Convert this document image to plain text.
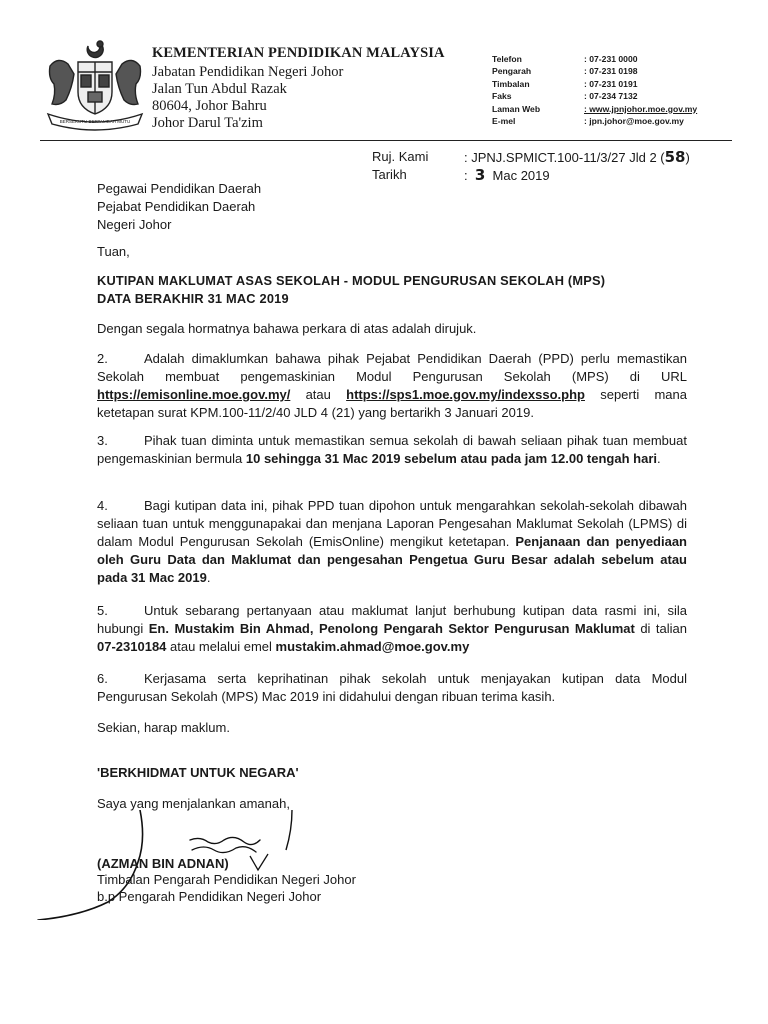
BERSEKUTU BERTAMBAH MUTU
KEMENTERIAN PENDIDIKAN MALAYSIA
Jabatan Pendidikan Negeri Johor
Jalan Tun Abdul Razak
80604, Johor Bahru
Johor Darul Ta'zim
Telefon	: 07-231 0000
Pengarah	: 07-231 0198
Timbalan	: 07-231 0191
Faks	: 07-234 7132
Laman Web	: www.jpnjohor.moe.gov.my
E-mel	: jpn.johor@moe.gov.my
Ruj. Kami	: JPNJ.SPMICT.100-11/3/27 Jld 2 (58)
Tarikh	: 3 Mac 2019
Pegawai Pendidikan Daerah
Pejabat Pendidikan Daerah
Negeri Johor
Tuan,
KUTIPAN MAKLUMAT ASAS SEKOLAH - MODUL PENGURUSAN SEKOLAH (MPS)
DATA BERAKHIR 31 MAC 2019
Dengan segala hormatnya bahawa perkara di atas adalah dirujuk.
2.	Adalah dimaklumkan bahawa pihak Pejabat Pendidikan Daerah (PPD) perlu memastikan Sekolah membuat pengemaskinian Modul Pengurusan Sekolah (MPS) di URL https://emisonline.moe.gov.my/ atau https://sps1.moe.gov.my/indexsso.php seperti mana ketetapan surat KPM.100-11/2/40 JLD 4 (21) yang bertarikh 3 Januari 2019.
3.	Pihak tuan diminta untuk memastikan semua sekolah di bawah seliaan pihak tuan membuat pengemaskinian bermula 10 sehingga 31 Mac 2019 sebelum atau pada jam 12.00 tengah hari.
4.	Bagi kutipan data ini, pihak PPD tuan dipohon untuk mengarahkan sekolah-sekolah dibawah seliaan tuan untuk menggunapakai dan menjana Laporan Pengesahan Maklumat Sekolah (LPMS) di dalam Modul Pengurusan Sekolah (EmisOnline) mengikut ketetapan. Penjanaan dan penyediaan oleh Guru Data dan Maklumat dan pengesahan Pengetua Guru Besar adalah sebelum atau pada 31 Mac 2019.
5.	Untuk sebarang pertanyaan atau maklumat lanjut berhubung kutipan data rasmi ini, sila hubungi En. Mustakim Bin Ahmad, Penolong Pengarah Sektor Pengurusan Maklumat di talian 07-2310184 atau melalui emel mustakim.ahmad@moe.gov.my
6.	Kerjasama serta keprihatinan pihak sekolah untuk menjayakan kutipan data Modul Pengurusan Sekolah (MPS) Mac 2019 ini didahului dengan ribuan terima kasih.
Sekian, harap maklum.
'BERKHIDMAT UNTUK NEGARA'
Saya yang menjalankan amanah,
(AZMAN BIN ADNAN)
Timbalan Pengarah Pendidikan Negeri Johor
b.p Pengarah Pendidikan Negeri Johor
